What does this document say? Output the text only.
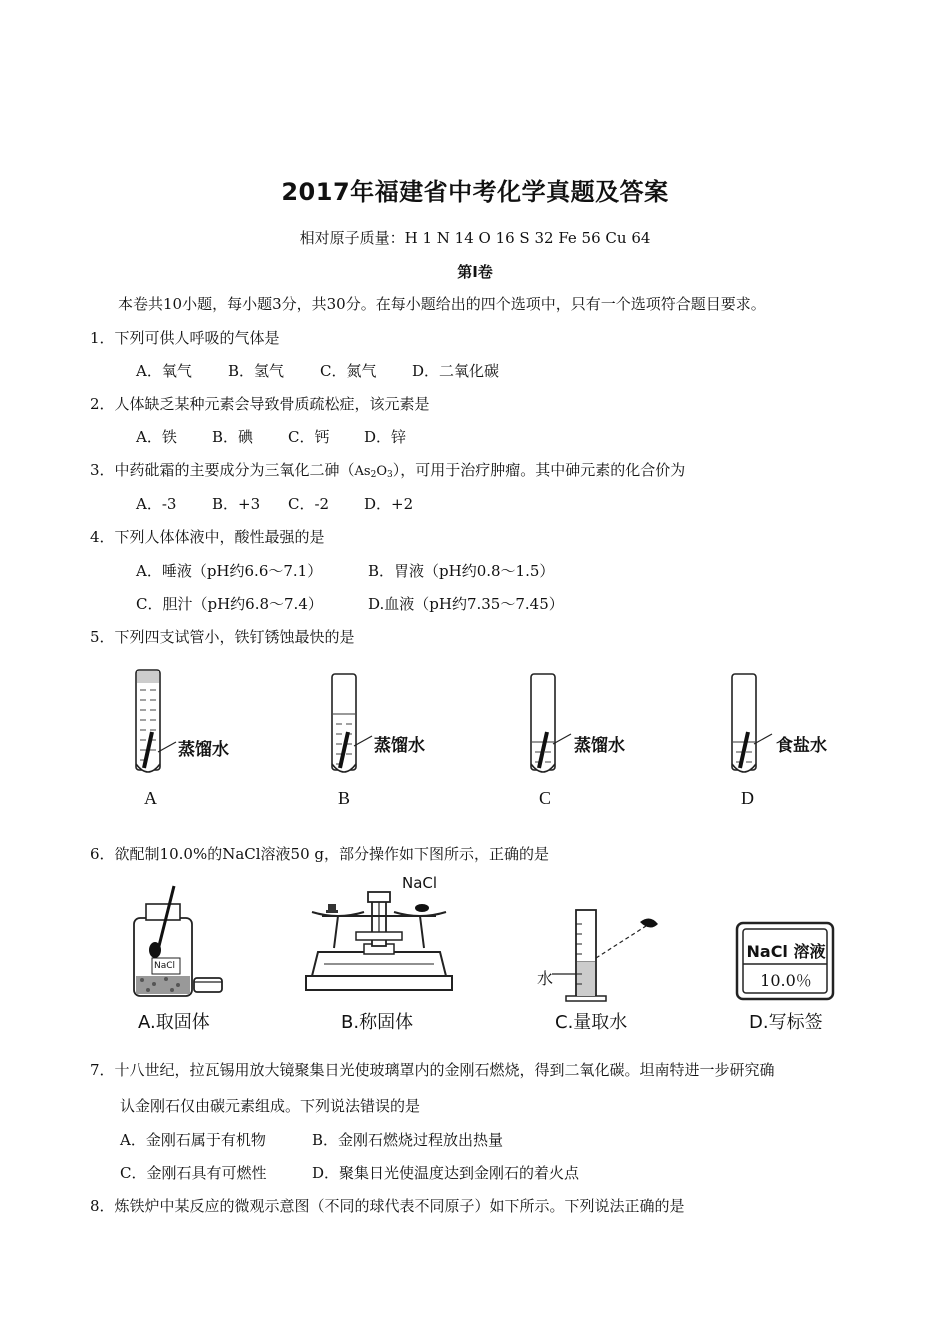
2017年福建省中考化学真题及答案
相对原子质量：H 1 N 14 O 16 S 32 Fe 56 Cu 64
第Ⅰ卷
本卷共10小题，每小题3分，共30分。在每小题给出的四个选项中，只有一个选项符合题目要求。
1．下列可供人呼吸的气体是
A．氧气 B．氢气 C．氮气 D．二氧化碳
2．人体缺乏某种元素会导致骨质疏松症，该元素是
A．铁 B．碘 C．钙 D．锌
3．中药砒霜的主要成分为三氧化二砷$(As_2O_3)$，可用于治疗肿瘤。其中砷元素的化合价为
A．-3 B．+3 C．-2 D．+2
4．下列人体体液中，酸性最强的是
A．唾液（pH约6.6～7.1）	B．胃液（pH约0.8～1.5）
C．胆汁（pH约6.8～7.4）	D.血液（pH约7.35～7.45）
5．下列四支试管小，铁钉锈蚀最快的是
蒸馏水
A
蒸馏水
B
蒸馏水
C
食盐水
D
6．欲配制10.0%的NaCl溶液50 g，部分操作如下图所示，正确的是
NaCl
A.取固体
NaCl
B.称固体
水
C.量取水
NaCl 溶液
10.0％
D.写标签
7．十八世纪，拉瓦锡用放大镜聚集日光使玻璃罩内的金刚石燃烧，得到二氧化碳。坦南特进一步研究确
认金刚石仅由碳元素组成。下列说法错误的是
A．金刚石属于有机物	B．金刚石燃烧过程放出热量
C．金刚石具有可燃性	D．聚集日光使温度达到金刚石的着火点
8．炼铁炉中某反应的微观示意图（不同的球代表不同原子）如下所示。下列说法正确的是
